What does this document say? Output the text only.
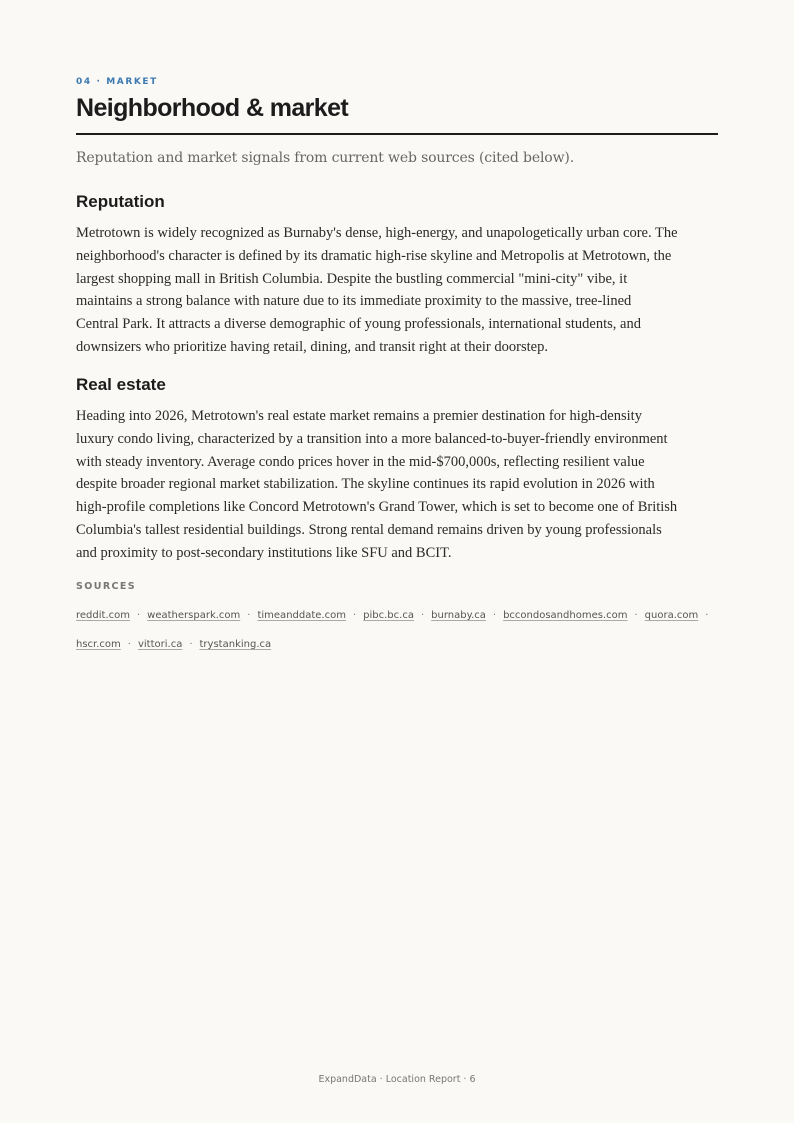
04 · MARKET
Neighborhood & market

Reputation and market signals from current web sources (cited below).

Reputation
Metrotown is widely recognized as Burnaby's dense, high-energy, and unapologetically urban core. The
neighborhood's character is defined by its dramatic high-rise skyline and Metropolis at Metrotown, the
largest shopping mall in British Columbia. Despite the bustling commercial "mini-city" vibe, it
maintains a strong balance with nature due to its immediate proximity to the massive, tree-lined
Central Park. It attracts a diverse demographic of young professionals, international students, and
downsizers who prioritize having retail, dining, and transit right at their doorstep.
Real estate
Heading into 2026, Metrotown's real estate market remains a premier destination for high-density
luxury condo living, characterized by a transition into a more balanced-to-buyer-friendly environment
with steady inventory. Average condo prices hover in the mid-$700,000s, reflecting resilient value
despite broader regional market stabilization. The skyline continues its rapid evolution in 2026 with
high-profile completions like Concord Metrotown's Grand Tower, which is set to become one of British
Columbia's tallest residential buildings. Strong rental demand remains driven by young professionals
and proximity to post-secondary institutions like SFU and BCIT.
SOURCES
reddit.com · weatherspark.com · timeanddate.com · pibc.bc.ca · burnaby.ca · bccondosandhomes.com · quora.com ·
hscr.com · vittori.ca · trystanking.ca
ExpandData · Location Report · 6
